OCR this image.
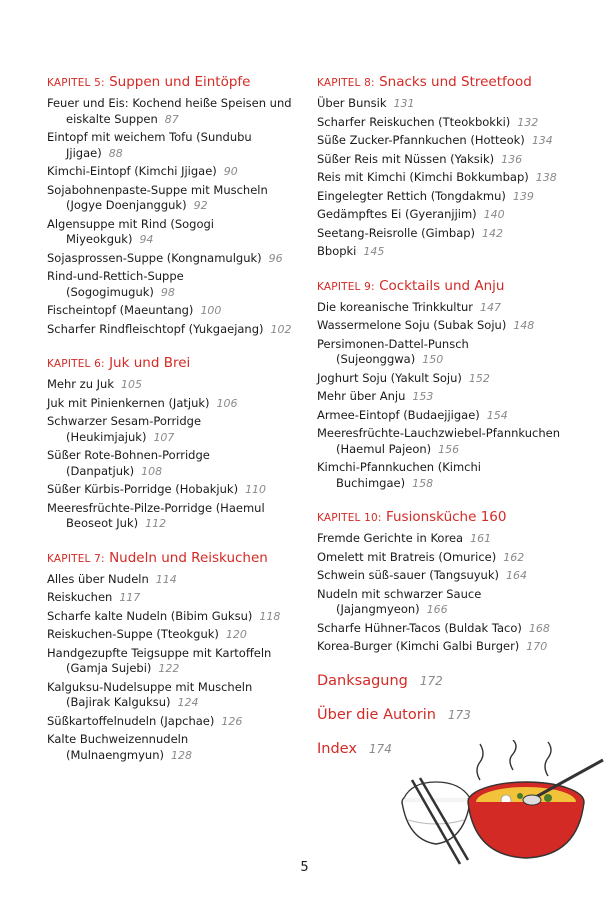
KAPITEL 5: Suppen und Eintöpfe
Feuer und Eis: Kochend heiße Speisen und eiskalte Suppen 87
Eintopf mit weichem Tofu (Sundubu Jjigae) 88
Kimchi-Eintopf (Kimchi Jjigae) 90
Sojabohnenpaste-Suppe mit Muscheln (Jogye Doenjangguk) 92
Algensuppe mit Rind (Sogogi Miyeokguk) 94
Sojasprossen-Suppe (Kongnamulguk) 96
Rind-und-Rettich-Suppe (Sogogimuguk) 98
Fischeintopf (Maeuntang) 100
Scharfer Rindfleischtopf (Yukgaejang) 102
KAPITEL 6: Juk und Brei
Mehr zu Juk 105
Juk mit Pinienkernen (Jatjuk) 106
Schwarzer Sesam-Porridge (Heukimjajuk) 107
Süßer Rote-Bohnen-Porridge (Danpatjuk) 108
Süßer Kürbis-Porridge (Hobakjuk) 110
Meeresfrüchte-Pilze-Porridge (Haemul Beoseot Juk) 112
KAPITEL 7: Nudeln und Reiskuchen
Alles über Nudeln 114
Reiskuchen 117
Scharfe kalte Nudeln (Bibim Guksu) 118
Reiskuchen-Suppe (Tteokguk) 120
Handgezupfte Teigsuppe mit Kartoffeln (Gamja Sujebi) 122
Kalguksu-Nudelsuppe mit Muscheln (Bajirak Kalguksu) 124
Süßkartoffelnudeln (Japchae) 126
Kalte Buchweizennudeln (Mulnaengmyun) 128
KAPITEL 8: Snacks und Streetfood
Über Bunsik 131
Scharfer Reiskuchen (Tteokbokki) 132
Süße Zucker-Pfannkuchen (Hotteok) 134
Süßer Reis mit Nüssen (Yaksik) 136
Reis mit Kimchi (Kimchi Bokkumbap) 138
Eingelegter Rettich (Tongdakmu) 139
Gedämpftes Ei (Gyeranjjim) 140
Seetang-Reisrolle (Gimbap) 142
Bbopki 145
KAPITEL 9: Cocktails und Anju
Die koreanische Trinkkultur 147
Wassermelone Soju (Subak Soju) 148
Persimonen-Dattel-Punsch (Sujeonggwa) 150
Joghurt Soju (Yakult Soju) 152
Mehr über Anju 153
Armee-Eintopf (Budaejjigae) 154
Meeresfrüchte-Lauchzwiebel-Pfannkuchen (Haemul Pajeon) 156
Kimchi-Pfannkuchen (Kimchi Buchimgae) 158
KAPITEL 10: Fusionsküche 160
Fremde Gerichte in Korea 161
Omelett mit Bratreis (Omurice) 162
Schwein süß-sauer (Tangsuyuk) 164
Nudeln mit schwarzer Sauce (Jajangmyeon) 166
Scharfe Hühner-Tacos (Buldak Taco) 168
Korea-Burger (Kimchi Galbi Burger) 170
Danksagung 172
Über die Autorin 173
Index 174
5
